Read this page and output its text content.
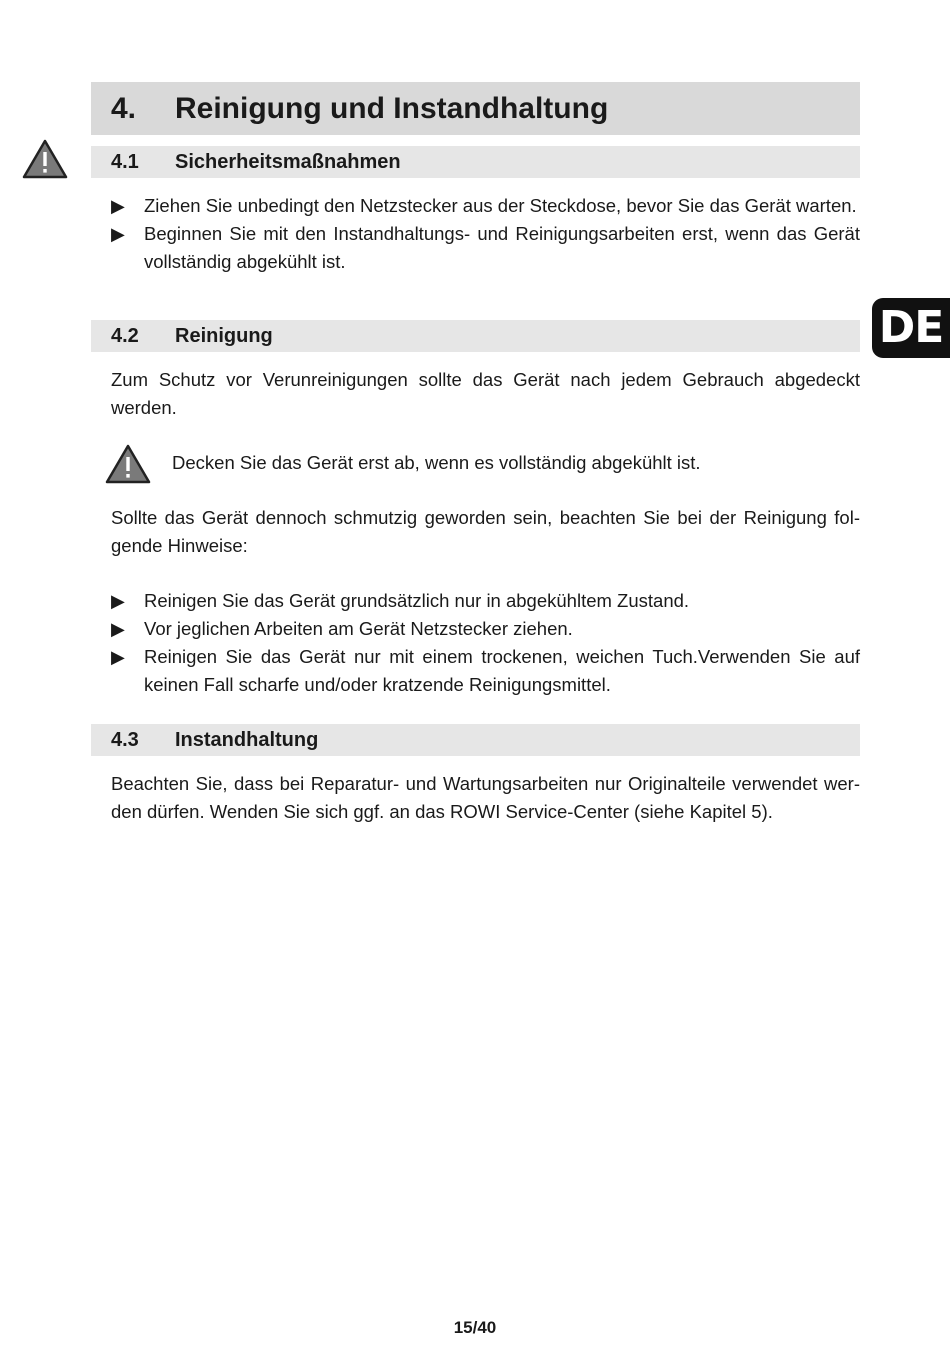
4. Reinigung und Instandhaltung
4.1 Sicherheitsmaßnahmen
▶ Ziehen Sie unbedingt den Netzstecker aus der Steckdose, bevor Sie das Gerät warten.
▶ Beginnen Sie mit den Instandhaltungs- und Reinigungsarbeiten erst, wenn das Gerät vollständig abgekühlt ist.
DE
4.2 Reinigung

Zum Schutz vor Verunreinigungen sollte das Gerät nach jedem Gebrauch abgedeckt werden.

Decken Sie das Gerät erst ab, wenn es vollständig abgekühlt ist.

Sollte das Gerät dennoch schmutzig geworden sein, beachten Sie bei der Reinigung folgende Hinweise:

▶ Reinigen Sie das Gerät grundsätzlich nur in abgekühltem Zustand.
▶ Vor jeglichen Arbeiten am Gerät Netzstecker ziehen.
▶ Reinigen Sie das Gerät nur mit einem trockenen, weichen Tuch.Verwenden Sie auf keinen Fall scharfe und/oder kratzende Reinigungsmittel.
4.3 Instandhaltung

Beachten Sie, dass bei Reparatur- und Wartungsarbeiten nur Originalteile verwendet werden dürfen. Wenden Sie sich ggf. an das ROWI Service-Center (siehe Kapitel 5).

15/40
